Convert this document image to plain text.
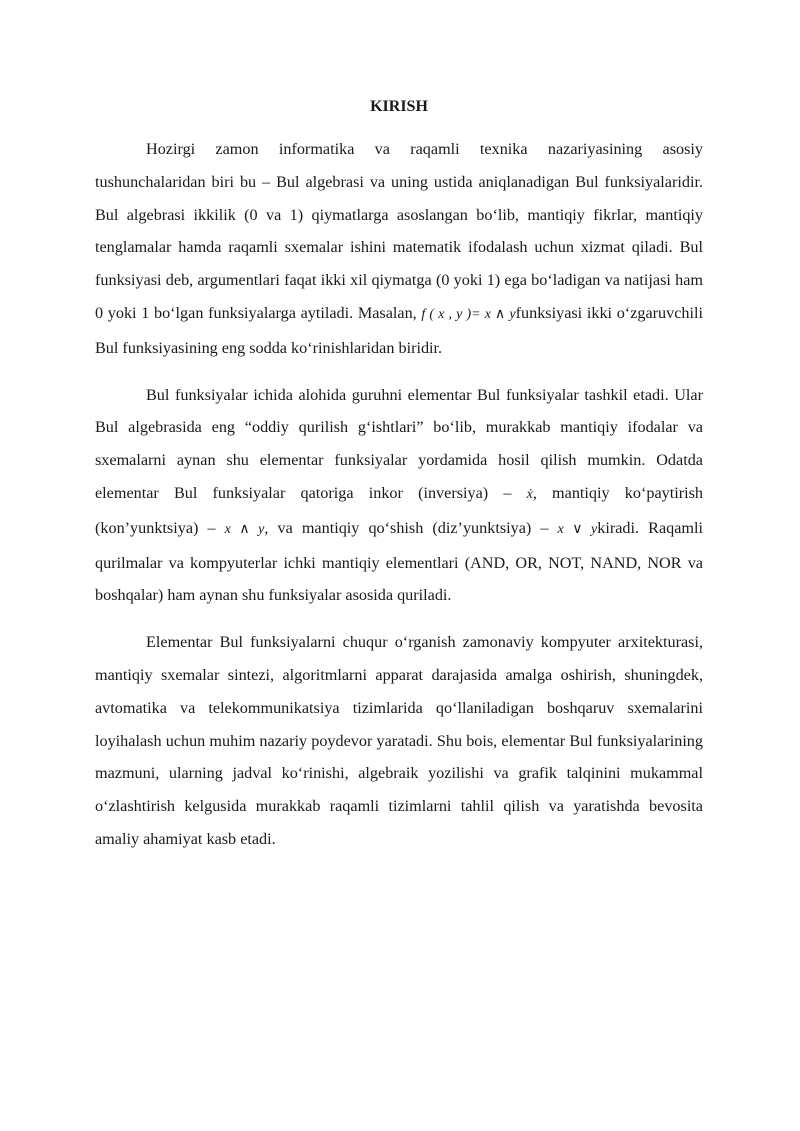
KIRISH

Hozirgi zamon informatika va raqamli texnika nazariyasining asosiy tushunchalaridan biri bu – Bul algebrasi va uning ustida aniqlanadigan Bul funksiyalaridir. Bul algebrasi ikkilik (0 va 1) qiymatlarga asoslangan bo‘lib, mantiqiy fikrlar, mantiqiy tenglamalar hamda raqamli sxemalar ishini matematik ifodalash uchun xizmat qiladi. Bul funksiyasi deb, argumentlari faqat ikki xil qiymatga (0 yoki 1) ega bo‘ladigan va natijasi ham 0 yoki 1 bo‘lgan funksiyalarga aytiladi. Masalan, f ( x , y )= x ∧ yfunksiyasi ikki o‘zgaruvchili Bul funksiyasining eng sodda ko‘rinishlaridan biridir.

Bul funksiyalar ichida alohida guruhni elementar Bul funksiyalar tashkil etadi. Ular Bul algebrasida eng “oddiy qurilish g‘ishtlari” bo‘lib, murakkab mantiqiy ifodalar va sxemalarni aynan shu elementar funksiyalar yordamida hosil qilish mumkin. Odatda elementar Bul funksiyalar qatoriga inkor (inversiya) – ẋ, mantiqiy ko‘paytirish (kon’yunktsiya) – x ∧ y, va mantiqiy qo‘shish (diz’yunktsiya) – x ∨ ykiradi. Raqamli qurilmalar va kompyuterlar ichki mantiqiy elementlari (AND, OR, NOT, NAND, NOR va boshqalar) ham aynan shu funksiyalar asosida quriladi.

Elementar Bul funksiyalarni chuqur o‘rganish zamonaviy kompyuter arxitekturasi, mantiqiy sxemalar sintezi, algoritmlarni apparat darajasida amalga oshirish, shuningdek, avtomatika va telekommunikatsiya tizimlarida qo‘llaniladigan boshqaruv sxemalarini loyihalash uchun muhim nazariy poydevor yaratadi. Shu bois, elementar Bul funksiyalarining mazmuni, ularning jadval ko‘rinishi, algebraik yozilishi va grafik talqinini mukammal o‘zlashtirish kelgusida murakkab raqamli tizimlarni tahlil qilish va yaratishda bevosita amaliy ahamiyat kasb etadi.
